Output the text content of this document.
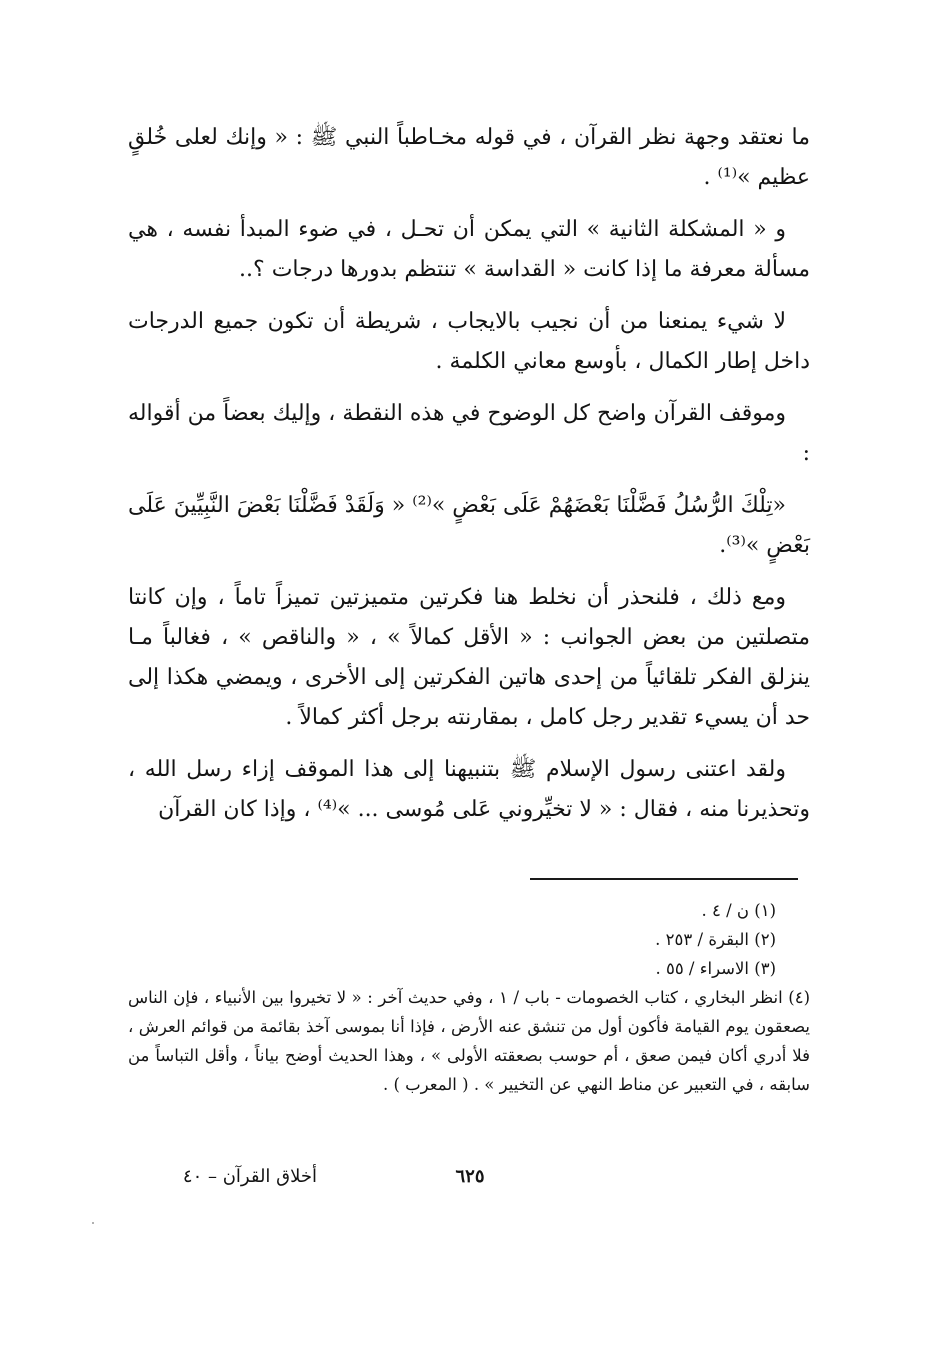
ما نعتقد وجهة نظر القرآن ، في قوله مخـاطباً النبي ﷺ : « وإنك لعلى خُلقٍ عظيم »⁽¹⁾ .

و « المشكلة الثانية » التي يمكن أن تحـل ، في ضوء المبدأ نفسه ، هي مسألة معرفة ما إذا كانت « القداسة » تنتظم بدورها درجات ؟..

لا شيء يمنعنا من أن نجيب بالايجاب ، شريطة أن تكون جميع الدرجات داخل إطار الكمال ، بأوسع معاني الكلمة .

وموقف القرآن واضح كل الوضوح في هذه النقطة ، وإليك بعضاً من أقواله :

«تِلْكَ الرُّسُلُ فَضَّلْنَا بَعْضَهُمْ عَلَى بَعْضٍ »⁽²⁾ « وَلَقَدْ فَضَّلْنَا بَعْضَ النَّبِيِّينَ عَلَى بَعْضٍ »⁽³⁾.

ومع ذلك ، فلنحذر أن نخلط هنا فكرتين متميزتين تميزاً تاماً ، وإن كانتا متصلتين من بعض الجوانب : « الأقل كمالاً » ، « والناقص » ، فغالباً مـا ينزلق الفكر تلقائياً من إحدى هاتين الفكرتين إلى الأخرى ، ويمضي هكذا إلى حد أن يسيء تقدير رجل كامل ، بمقارنته برجل أكثر كمالاً .

ولقد اعتنى رسول الإسلام ﷺ بتنبيهنا إلى هذا الموقف إزاء رسل الله ، وتحذيرنا منه ، فقال : « لا تخيِّروني عَلى مُوسى ... »⁽⁴⁾ ، وإذا كان القرآن

(١) ن / ٤ .

(٢) البقرة / ٢٥٣ .

(٣) الاسراء / ٥٥ .

(٤) انظر البخاري ، كتاب الخصومات - باب / ١ ، وفي حديث آخر : « لا تخيروا بين الأنبياء ، فإن الناس يصعقون يوم القيامة فأكون أول من تنشق عنه الأرض ، فإذا أنا بموسى آخذ بقائمة من قوائم العرش ، فلا أدري أكان فيمن صعق ، أم حوسب بصعقته الأولى » ، وهذا الحديث أوضح بياناً ، وأقل التباساً من سابقه ، في التعبير عن مناط النهي عن التخيير » . ( المعرب ) .

أخلاق القرآن – ٤٠	٦٢٥
